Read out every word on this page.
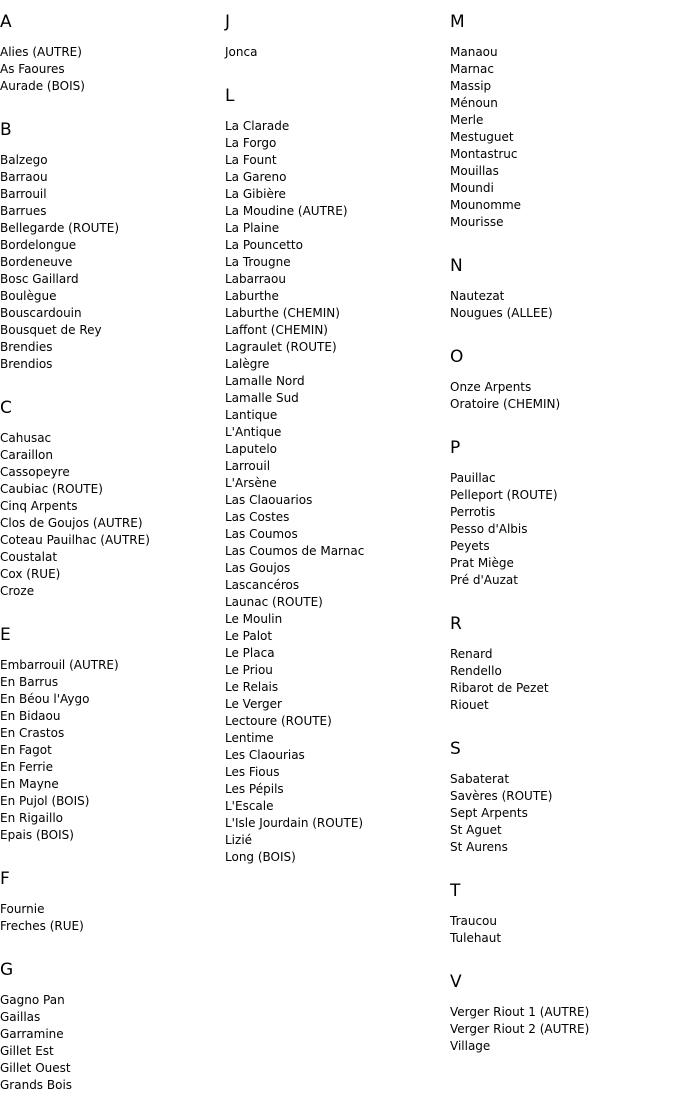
A
Alies (AUTRE)
As Faoures
Aurade (BOIS)
B
Balzego
Barraou
Barrouil
Barrues
Bellegarde (ROUTE)
Bordelongue
Bordeneuve
Bosc Gaillard
Boulègue
Bouscardouin
Bousquet de Rey
Brendies
Brendios
C
Cahusac
Caraillon
Cassopeyre
Caubiac (ROUTE)
Cinq Arpents
Clos de Goujos (AUTRE)
Coteau Pauilhac (AUTRE)
Coustalat
Cox (RUE)
Croze
E
Embarrouil (AUTRE)
En Barrus
En Béou l'Aygo
En Bidaou
En Crastos
En Fagot
En Ferrie
En Mayne
En Pujol (BOIS)
En Rigaillo
Epais (BOIS)
F
Fournie
Freches (RUE)
G
Gagno Pan
Gaillas
Garramine
Gillet Est
Gillet Ouest
Grands Bois
J
Jonca
L
La Clarade
La Forgo
La Fount
La Gareno
La Gibière
La Moudine (AUTRE)
La Plaine
La Pouncetto
La Trougne
Labarraou
Laburthe
Laburthe (CHEMIN)
Laffont (CHEMIN)
Lagraulet (ROUTE)
Lalègre
Lamalle Nord
Lamalle Sud
Lantique
L'Antique
Laputelo
Larrouil
L'Arsène
Las Claouarios
Las Costes
Las Coumos
Las Coumos de Marnac
Las Goujos
Lascancéros
Launac (ROUTE)
Le Moulin
Le Palot
Le Placa
Le Priou
Le Relais
Le Verger
Lectoure (ROUTE)
Lentime
Les Claourias
Les Fious
Les Pépils
L'Escale
L'Isle Jourdain (ROUTE)
Lizié
Long (BOIS)
M
Manaou
Marnac
Massip
Ménoun
Merle
Mestuguet
Montastruc
Mouillas
Moundi
Mounomme
Mourisse
N
Nautezat
Nougues (ALLEE)
O
Onze Arpents
Oratoire (CHEMIN)
P
Pauillac
Pelleport (ROUTE)
Perrotis
Pesso d'Albis
Peyets
Prat Miège
Pré d'Auzat
R
Renard
Rendello
Ribarot de Pezet
Riouet
S
Sabaterat
Savères (ROUTE)
Sept Arpents
St Aguet
St Aurens
T
Traucou
Tulehaut
V
Verger Riout 1 (AUTRE)
Verger Riout 2 (AUTRE)
Village
